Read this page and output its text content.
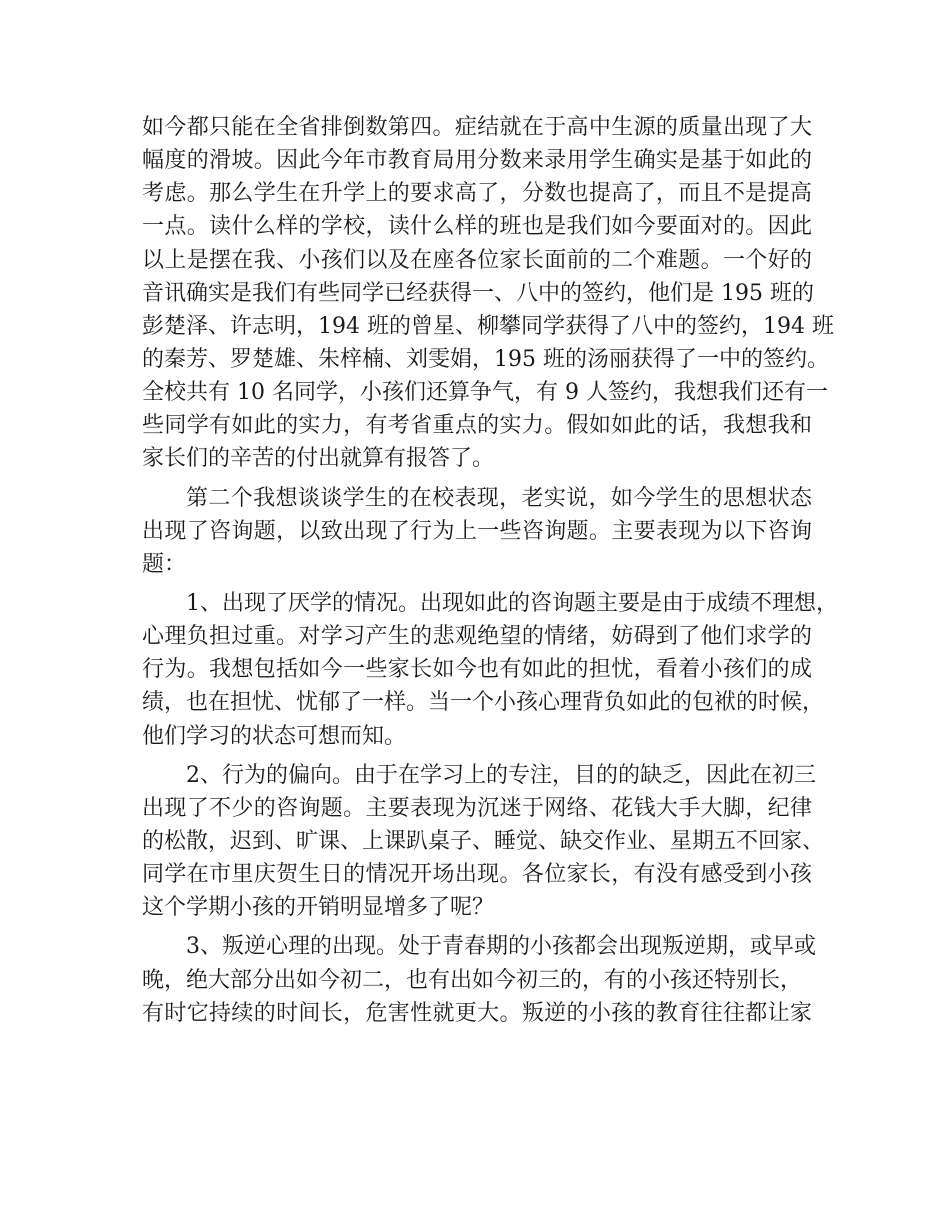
如今都只能在全省排倒数第四。症结就在于高中生源的质量出现了大
幅度的滑坡。因此今年市教育局用分数来录用学生确实是基于如此的
考虑。那么学生在升学上的要求高了，分数也提高了，而且不是提高
一点。读什么样的学校，读什么样的班也是我们如今要面对的。因此
以上是摆在我、小孩们以及在座各位家长面前的二个难题。一个好的
音讯确实是我们有些同学已经获得一、八中的签约，他们是 195 班的
彭楚泽、许志明，194 班的曾星、柳攀同学获得了八中的签约，194 班
的秦芳、罗楚雄、朱梓楠、刘雯娟，195 班的汤丽获得了一中的签约。
全校共有 10 名同学，小孩们还算争气，有 9 人签约，我想我们还有一
些同学有如此的实力，有考省重点的实力。假如如此的话，我想我和
家长们的辛苦的付出就算有报答了。
第二个我想谈谈学生的在校表现，老实说，如今学生的思想状态
出现了咨询题，以致出现了行为上一些咨询题。主要表现为以下咨询
题：
1、出现了厌学的情况。出现如此的咨询题主要是由于成绩不理想，
心理负担过重。对学习产生的悲观绝望的情绪，妨碍到了他们求学的
行为。我想包括如今一些家长如今也有如此的担忧，看着小孩们的成
绩，也在担忧、忧郁了一样。当一个小孩心理背负如此的包袱的时候，
他们学习的状态可想而知。
2、行为的偏向。由于在学习上的专注，目的的缺乏，因此在初三
出现了不少的咨询题。主要表现为沉迷于网络、花钱大手大脚，纪律
的松散，迟到、旷课、上课趴桌子、睡觉、缺交作业、星期五不回家、
同学在市里庆贺生日的情况开场出现。各位家长，有没有感受到小孩
这个学期小孩的开销明显增多了呢？
3、叛逆心理的出现。处于青春期的小孩都会出现叛逆期，或早或
晚，绝大部分出如今初二，也有出如今初三的，有的小孩还特别长，
有时它持续的时间长，危害性就更大。叛逆的小孩的教育往往都让家
